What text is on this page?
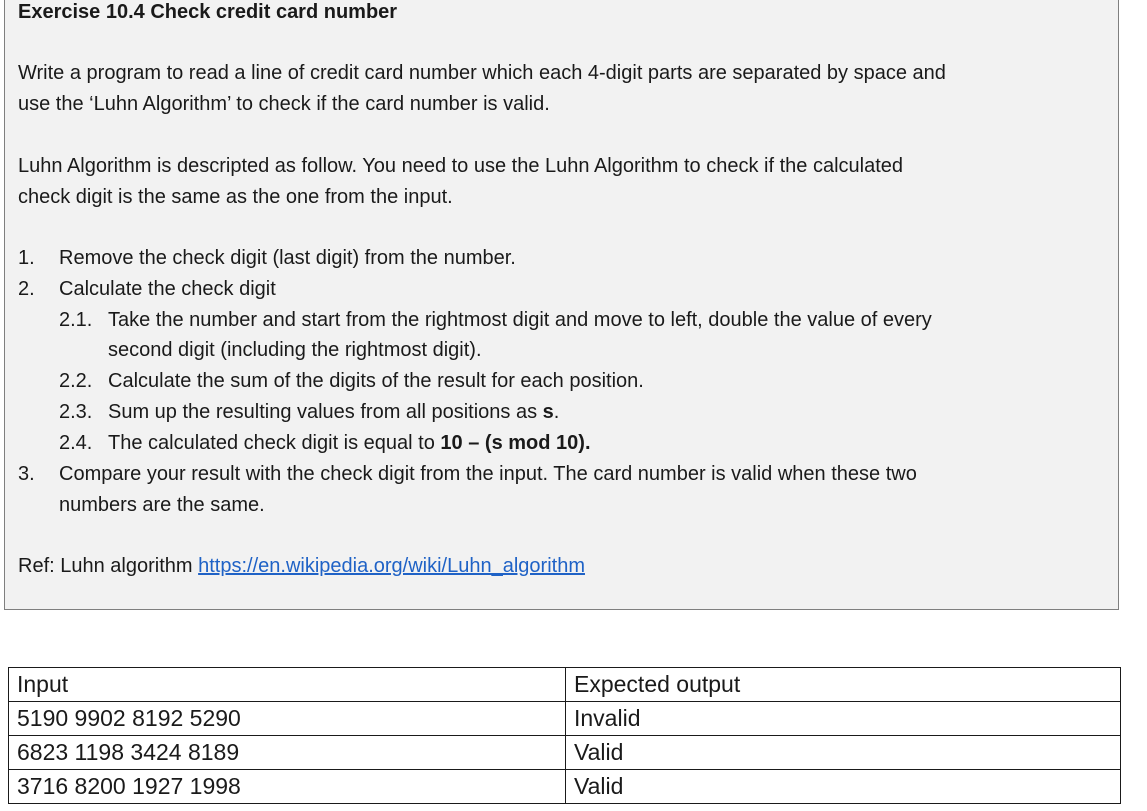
Exercise 10.4 Check credit card number
Write a program to read a line of credit card number which each 4-digit parts are separated by space and
use the ‘Luhn Algorithm’ to check if the card number is valid.
Luhn Algorithm is descripted as follow. You need to use the Luhn Algorithm to check if the calculated
check digit is the same as the one from the input.
1. Remove the check digit (last digit) from the number.
2. Calculate the check digit
2.1. Take the number and start from the rightmost digit and move to left, double the value of every
second digit (including the rightmost digit).
2.2. Calculate the sum of the digits of the result for each position.
2.3. Sum up the resulting values from all positions as s.
2.4. The calculated check digit is equal to 10 – (s mod 10).
3. Compare your result with the check digit from the input. The card number is valid when these two
numbers are the same.
Ref: Luhn algorithm https://en.wikipedia.org/wiki/Luhn_algorithm
Input	Expected output
5190 9902 8192 5290	Invalid
6823 1198 3424 8189	Valid
3716 8200 1927 1998	Valid
